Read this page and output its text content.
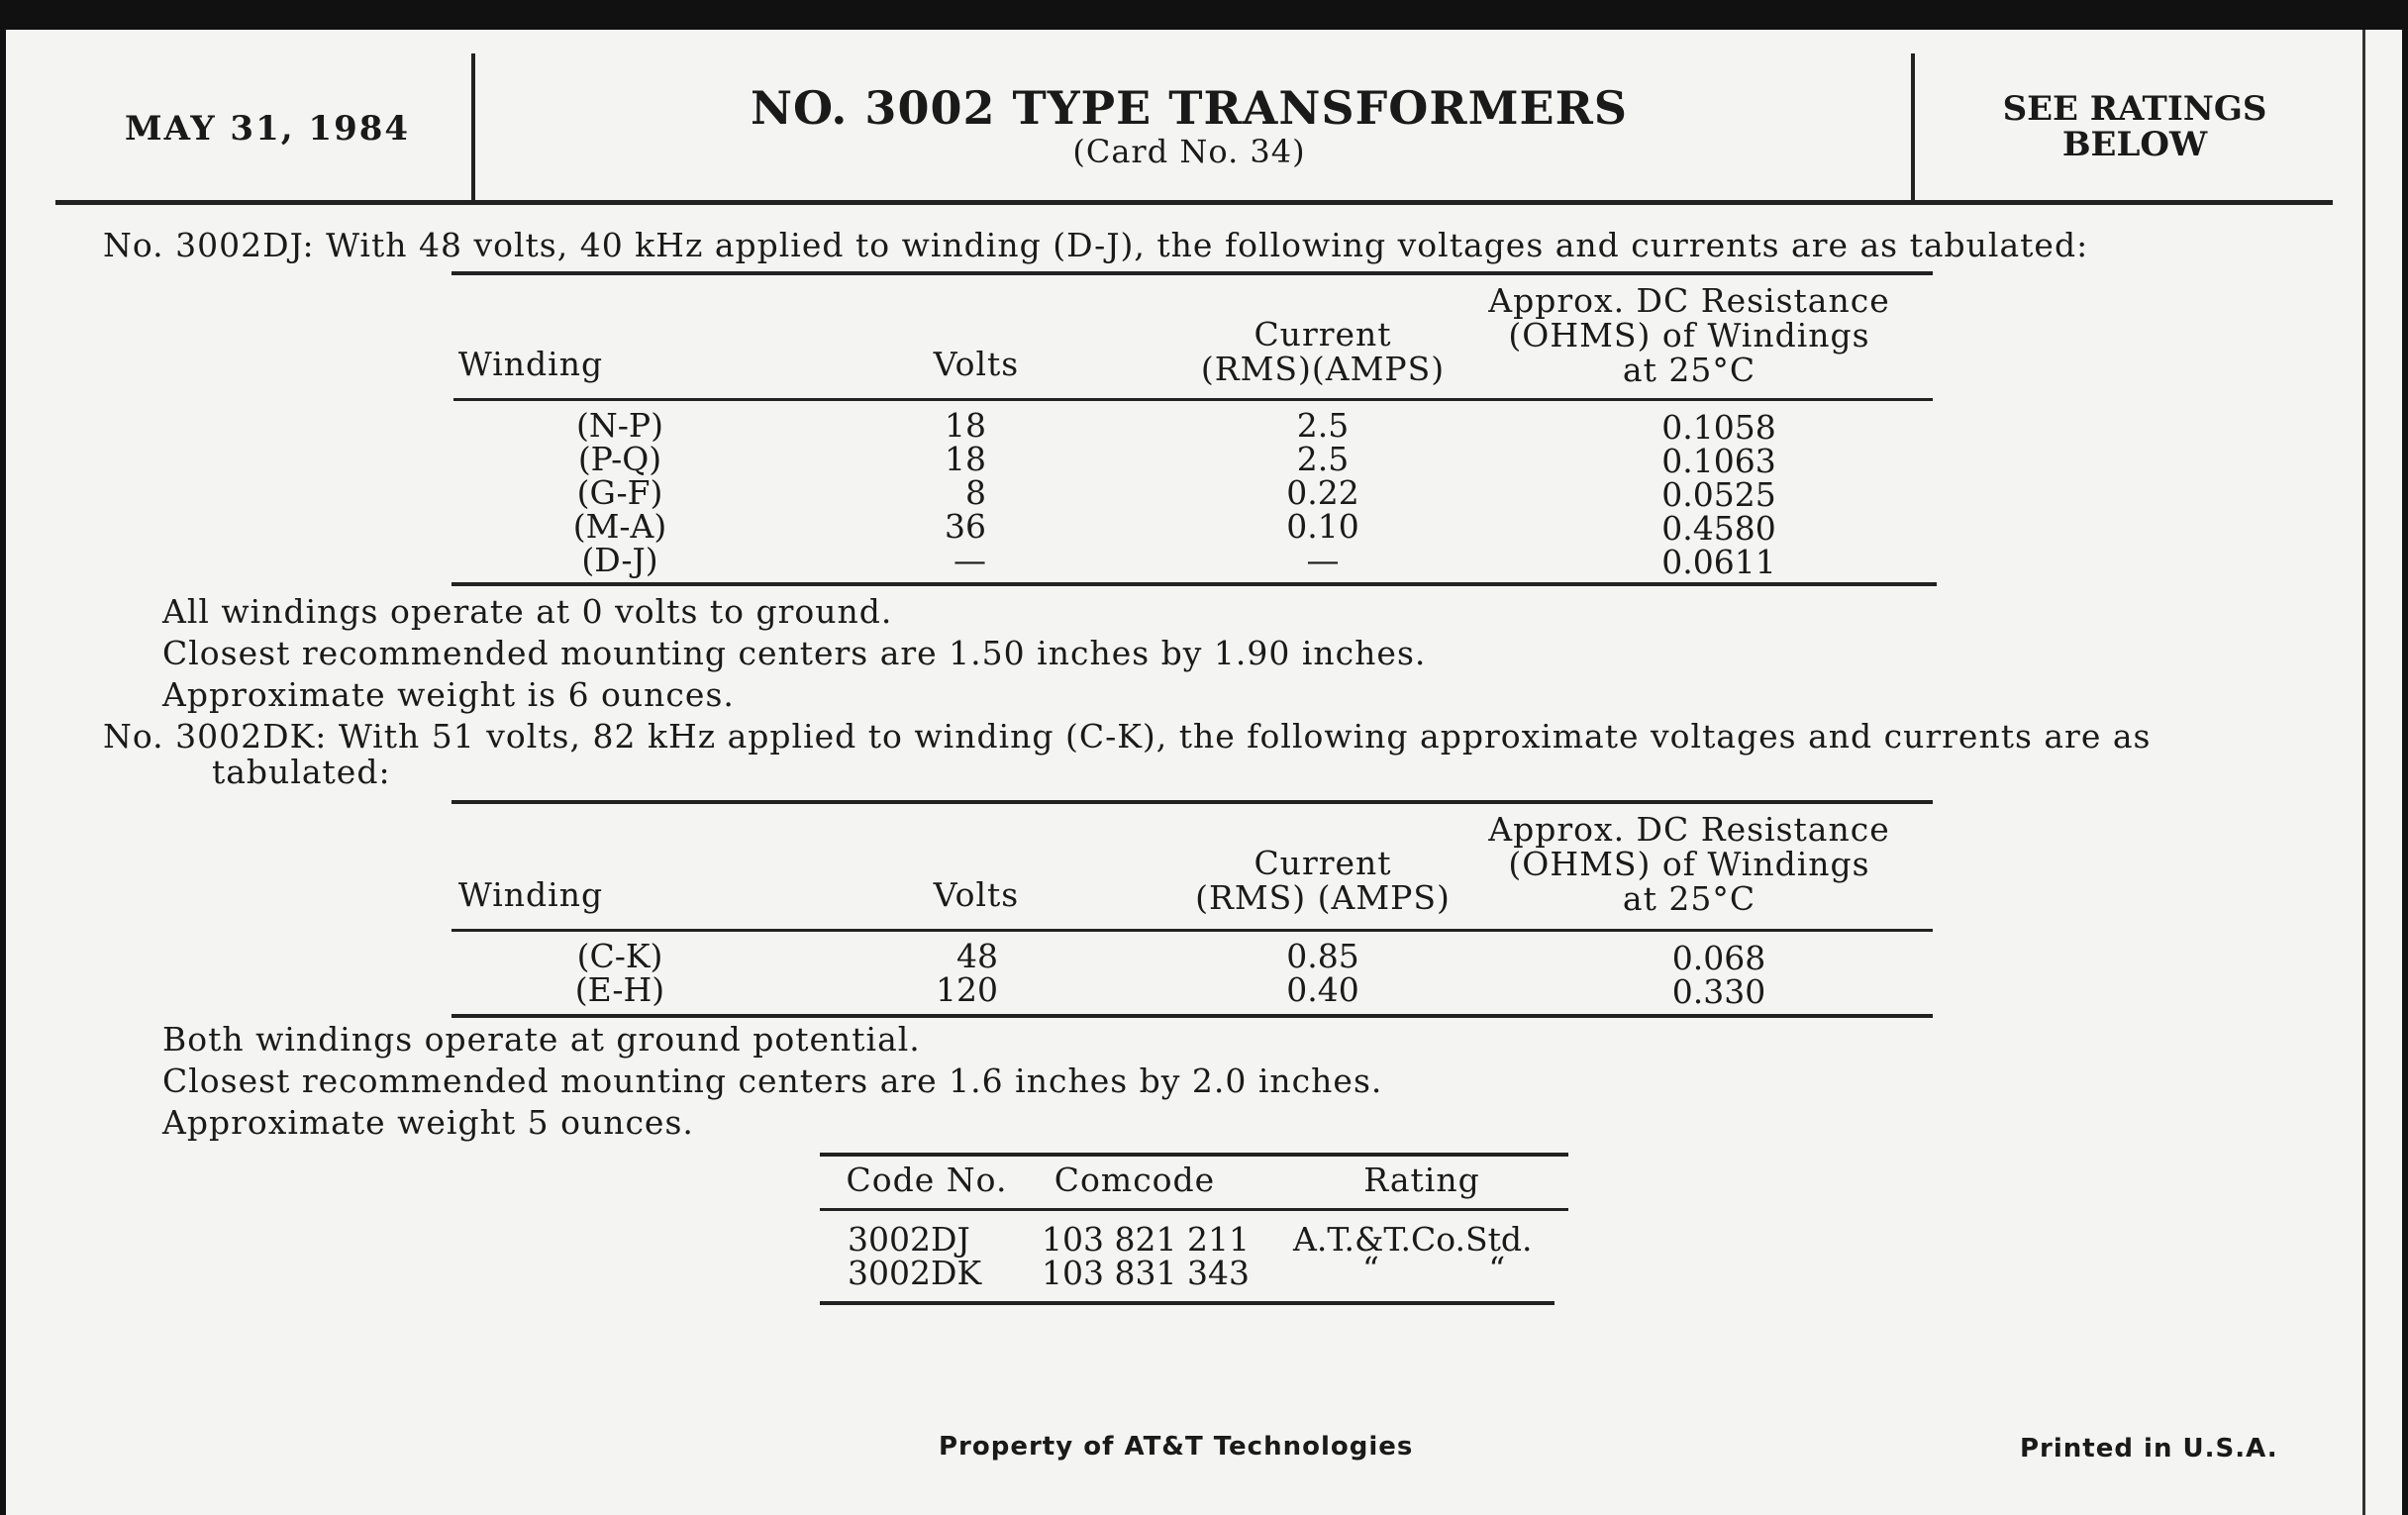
MAY 31, 1984	NO. 3002 TYPE TRANSFORMERS
(Card No. 34)
SEE RATINGS
BELOW
No. 3002DJ: With 48 volts, 40 kHz applied to winding (D-J), the following voltages and currents are as tabulated:
Winding	Volts
Current
(RMS)(AMPS)
Approx. DC Resistance
(OHMS) of Windings
at 25°C
(N-P)	18	2.5	0.1058
(P-Q)	18	2.5	0.1063
(G-F)	8	0.22	0.0525
(M-A)	36	0.10	0.4580
(D-J)	—	—	0.0611
All windings operate at 0 volts to ground.
Closest recommended mounting centers are 1.50 inches by 1.90 inches.
Approximate weight is 6 ounces.
No. 3002DK: With 51 volts, 82 kHz applied to winding (C-K), the following approximate voltages and currents are as
tabulated:
Winding	Volts
Current
(RMS) (AMPS)
Approx. DC Resistance
(OHMS) of Windings
at 25°C
(C-K)	48	0.85	0.068
(E-H)	120	0.40	0.330
Both windings operate at ground potential.
Closest recommended mounting centers are 1.6 inches by 2.0 inches.
Approximate weight 5 ounces.
Code No. Comcode	Rating
3002DJ 103 821 211 A.T.&T.Co.Std.
3002DK 103 831 343	“ “
Property of AT&T Technologies	Printed in U.S.A.
